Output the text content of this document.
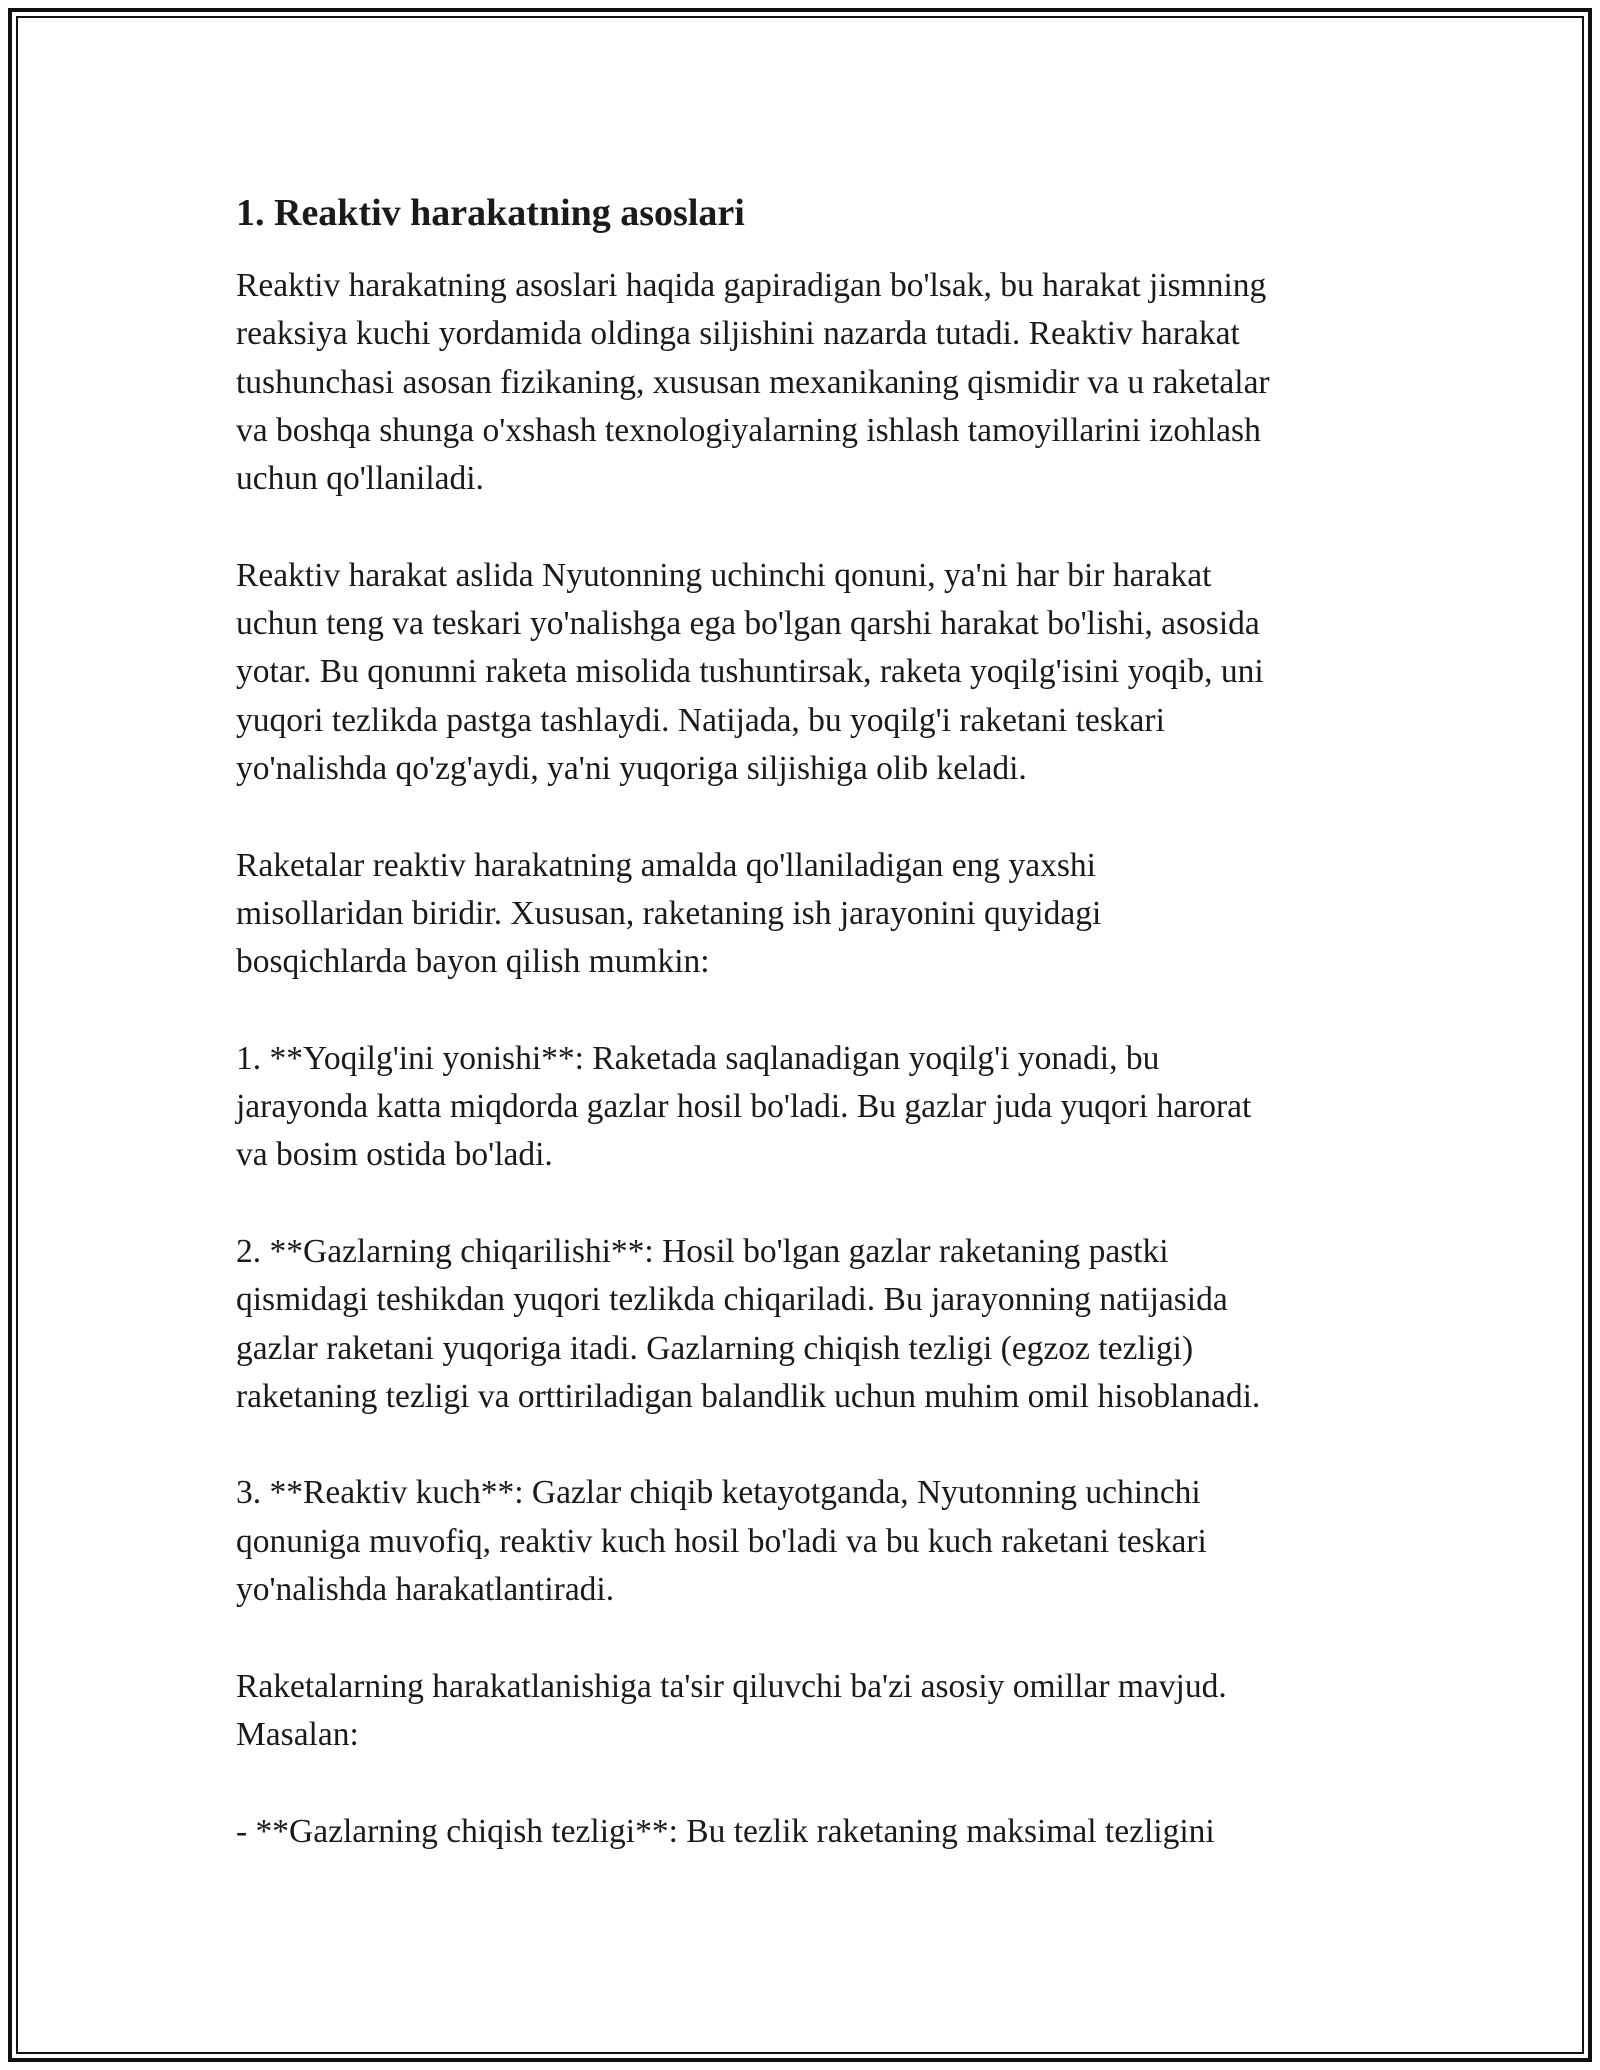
1. Reaktiv harakatning asoslari

Reaktiv harakatning asoslari haqida gapiradigan bo'lsak, bu harakat jismning
reaksiya kuchi yordamida oldinga siljishini nazarda tutadi. Reaktiv harakat
tushunchasi asosan fizikaning, xususan mexanikaning qismidir va u raketalar
va boshqa shunga o'xshash texnologiyalarning ishlash tamoyillarini izohlash
uchun qo'llaniladi.

Reaktiv harakat aslida Nyutonning uchinchi qonuni, ya'ni har bir harakat
uchun teng va teskari yo'nalishga ega bo'lgan qarshi harakat bo'lishi, asosida
yotar. Bu qonunni raketa misolida tushuntirsak, raketa yoqilg'isini yoqib, uni
yuqori tezlikda pastga tashlaydi. Natijada, bu yoqilg'i raketani teskari
yo'nalishda qo'zg'aydi, ya'ni yuqoriga siljishiga olib keladi.

Raketalar reaktiv harakatning amalda qo'llaniladigan eng yaxshi
misollaridan biridir. Xususan, raketaning ish jarayonini quyidagi
bosqichlarda bayon qilish mumkin:

1. **Yoqilg'ini yonishi**: Raketada saqlanadigan yoqilg'i yonadi, bu
jarayonda katta miqdorda gazlar hosil bo'ladi. Bu gazlar juda yuqori harorat
va bosim ostida bo'ladi.

2. **Gazlarning chiqarilishi**: Hosil bo'lgan gazlar raketaning pastki
qismidagi teshikdan yuqori tezlikda chiqariladi. Bu jarayonning natijasida
gazlar raketani yuqoriga itadi. Gazlarning chiqish tezligi (egzoz tezligi)
raketaning tezligi va orttiriladigan balandlik uchun muhim omil hisoblanadi.

3. **Reaktiv kuch**: Gazlar chiqib ketayotganda, Nyutonning uchinchi
qonuniga muvofiq, reaktiv kuch hosil bo'ladi va bu kuch raketani teskari
yo'nalishda harakatlantiradi.

Raketalarning harakatlanishiga ta'sir qiluvchi ba'zi asosiy omillar mavjud.
Masalan:

- **Gazlarning chiqish tezligi**: Bu tezlik raketaning maksimal tezligini
